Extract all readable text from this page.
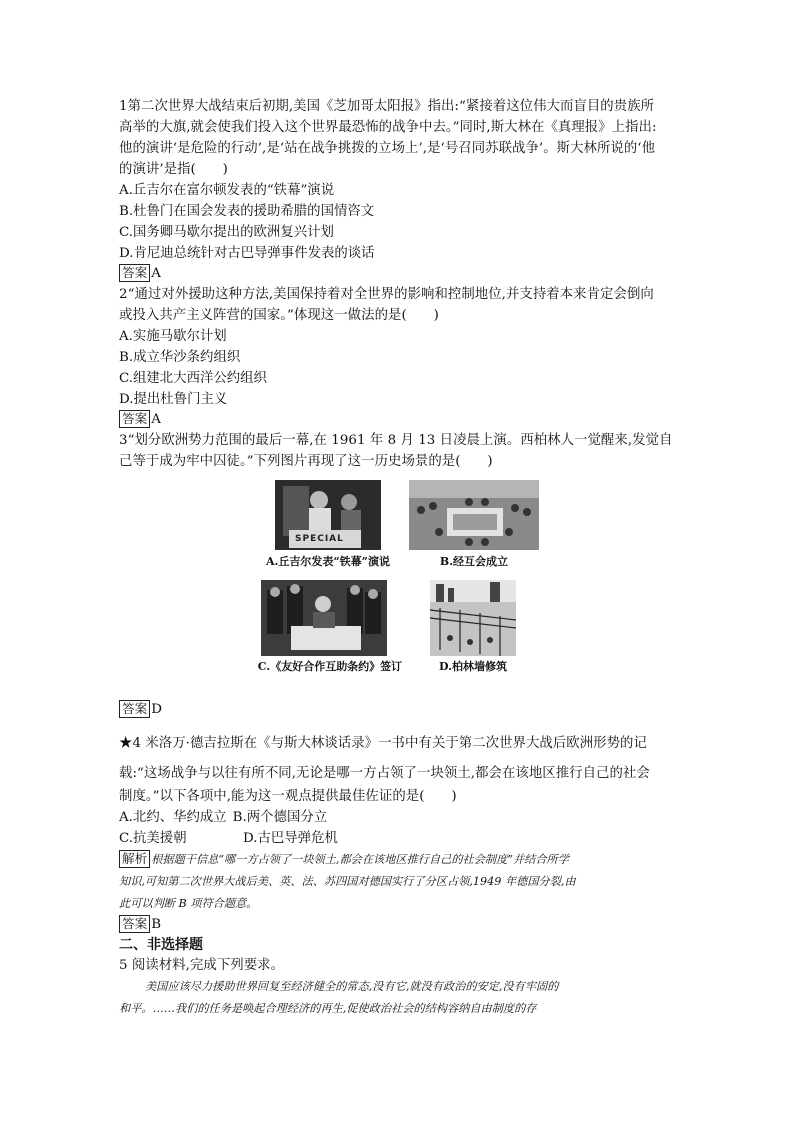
1第二次世界大战结束后初期,美国《芝加哥太阳报》指出:“紧接着这位伟大而盲目的贵族所
高举的大旗,就会使我们投入这个世界最恐怖的战争中去。”同时,斯大林在《真理报》上指出:
他的演讲‘是危险的行动’,是‘站在战争挑拨的立场上’,是‘号召同苏联战争’。斯大林所说的‘他
的演讲’是指(　　)
A.丘吉尔在富尔顿发表的“铁幕”演说
B.杜鲁门在国会发表的援助希腊的国情咨文
C.国务卿马歇尔提出的欧洲复兴计划
D.肯尼迪总统针对古巴导弹事件发表的谈话
答案 A
2“通过对外援助这种方法,美国保持着对全世界的影响和控制地位,并支持着本来肯定会倒向
或投入共产主义阵营的国家。”体现这一做法的是(　　)
A.实施马歇尔计划
B.成立华沙条约组织
C.组建北大西洋公约组织
D.提出杜鲁门主义
答案 A
3“划分欧洲势力范围的最后一幕,在 1961 年 8 月 13 日凌晨上演。西柏林人一觉醒来,发觉自
己等于成为牢中囚徒。”下列图片再现了这一历史场景的是(　　)
SPECIAL
A.丘吉尔发表“铁幕”演说	B.经互会成立
C.《友好合作互助条约》签订	D.柏林墙修筑
答案 D
★4 米洛万·德吉拉斯在《与斯大林谈话录》一书中有关于第二次世界大战后欧洲形势的记
载:“这场战争与以往有所不同,无论是哪一方占领了一块领土,都会在该地区推行自己的社会
制度。”以下各项中,能为这一观点提供最佳佐证的是(　　)
A.北约、华约成立 B.两个德国分立
C.抗美援朝	D.古巴导弹危机
解析 根据题干信息“哪一方占领了一块领土,都会在该地区推行自己的社会制度”并结合所学
知识,可知第二次世界大战后美、英、法、苏四国对德国实行了分区占领,1949 年德国分裂,由
此可以判断 B 项符合题意。
答案 B
二、非选择题
5 阅读材料,完成下列要求。
美国应该尽力援助世界回复至经济健全的常态,没有它,就没有政治的安定,没有牢固的
和平。……我们的任务是唤起合理经济的再生,促使政治社会的结构容纳自由制度的存
